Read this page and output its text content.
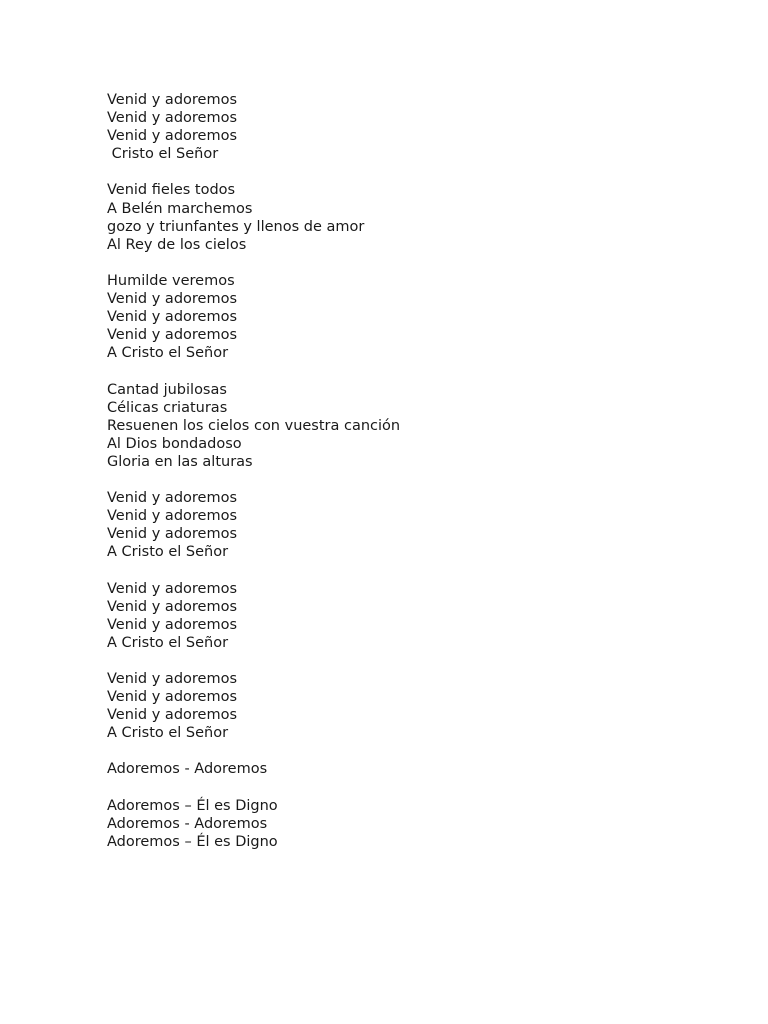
Venid y adoremos
Venid y adoremos
Venid y adoremos
Cristo el Señor
Venid fieles todos
A Belén marchemos
gozo y triunfantes y llenos de amor
Al Rey de los cielos
Humilde veremos
Venid y adoremos
Venid y adoremos
Venid y adoremos
A Cristo el Señor
Cantad jubilosas
Célicas criaturas
Resuenen los cielos con vuestra canción
Al Dios bondadoso
Gloria en las alturas
Venid y adoremos
Venid y adoremos
Venid y adoremos
A Cristo el Señor
Venid y adoremos
Venid y adoremos
Venid y adoremos
A Cristo el Señor
Venid y adoremos
Venid y adoremos
Venid y adoremos
A Cristo el Señor
Adoremos - Adoremos
Adoremos – Él es Digno
Adoremos - Adoremos
Adoremos – Él es Digno
